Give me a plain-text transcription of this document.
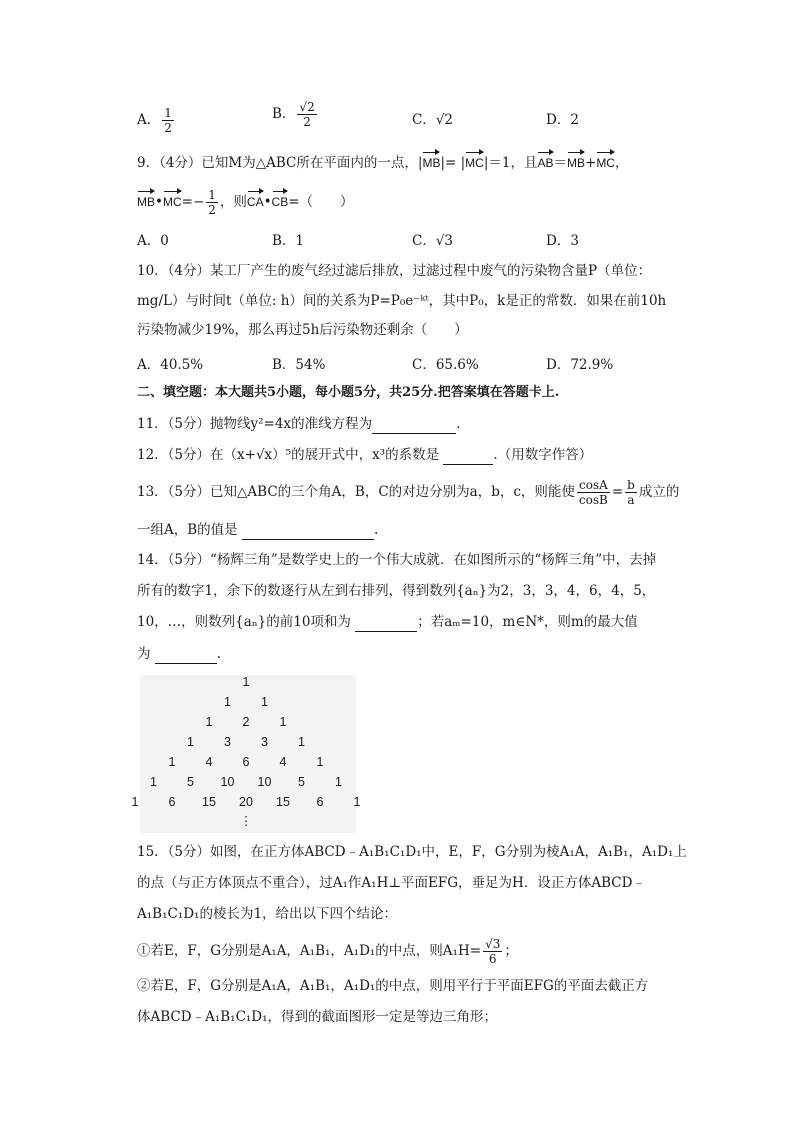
A． $\frac{1}{2}$	B． $\frac{√2}{2}$	C．√2	D．2
9．（4分）已知M为△ABC所在平面内的一点，|MB|= |MC|＝1，且AB＝MB+MC，
MB•MC=− $\frac{1}{2}$ ，则CA•CB=（　　）
A．0	B．1	C．√3	D．3
10．（4分）某工厂产生的废气经过滤后排放，过滤过程中废气的污染物含量P（单位：
mg/L）与时间t（单位: h）间的关系为P=P₀e⁻ᵏᵗ，其中P₀，k是正的常数．如果在前10h
污染物减少19%，那么再过5h后污染物还剩余（　　）
A．40.5%	B．54%	C．65.6%	D．72.9%
二、填空题：本大题共5小题，每小题5分，共25分.把答案填在答题卡上.
11．（5分）抛物线y²=4x的准线方程为	.
12．（5分）在（x+√x）⁵的展开式中，x³的系数是	.（用数字作答）
13．（5分）已知△ABC的三个角A，B，C的对边分别为a，b，c，则能使 $\frac{\cos A}{\cos B} = \frac{b}{a}$ 成立的
一组A，B的值是	.
14．（5分）“杨辉三角”是数学史上的一个伟大成就．在如图所示的“杨辉三角”中，去掉
所有的数字1，余下的数逐行从左到右排列，得到数列{aₙ}为2，3，3，4，6，4，5，
10，…，则数列{aₙ}的前10项和为	；若aₘ=10，m∈N*，则m的最大值
为	.
1
1 1
1 2 1
1 3 3 1
1 4 6 4 1
1 5 10 10 5 1
1 6 15 20 15 6 1
⋮
15．（5分）如图，在正方体ABCD﹣A₁B₁C₁D₁中，E，F，G分别为棱A₁A，A₁B₁，A₁D₁上
的点（与正方体顶点不重合），过A₁作A₁H⊥平面EFG，垂足为H．设正方体ABCD﹣
A₁B₁C₁D₁的棱长为1，给出以下四个结论：
①若E，F，G分别是A₁A，A₁B₁，A₁D₁的中点，则$A_1H= \frac{√3}{6}$ ；
②若E，F，G分别是A₁A，A₁B₁，A₁D₁的中点，则用平行于平面EFG的平面去截正方
体ABCD﹣A₁B₁C₁D₁，得到的截面图形一定是等边三角形；
